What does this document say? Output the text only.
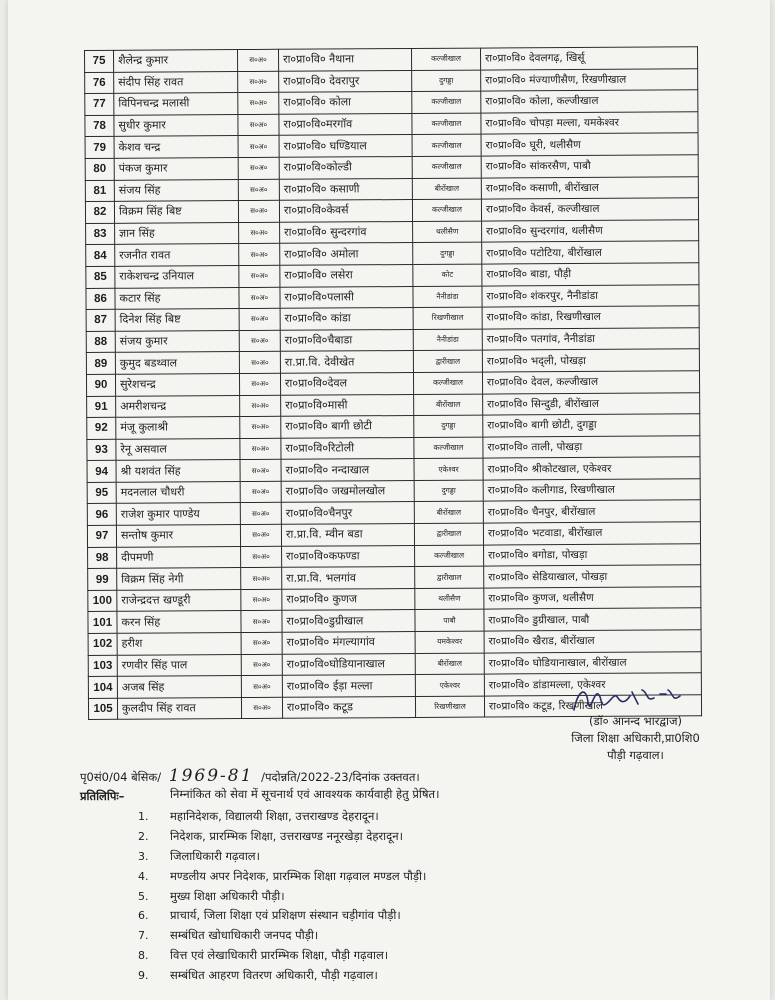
75	शैलेन्द्र कुमार	स०अ०	रा०प्रा०वि० नैथाना	कल्जीखाल	रा०प्रा०वि० देवलगढ़, खिर्सू
76	संदीप सिंह रावत	स०अ०	रा०प्रा०वि० देवरापुर	दुगड्डा	रा०प्रा०वि० मंज्याणीसैण, रिखणीखाल
77	विपिनचन्द्र मलासी	स०अ०	रा०प्रा०वि० कोला	कल्जीखाल	रा०प्रा०वि० कोला, कल्जीखाल
78	सुधीर कुमार	स०अ०	रा०प्रा०वि०मरगॉव	कल्जीखाल	रा०प्रा०वि० चोपड़ा मल्ला, यमकेश्वर
79	केशव चन्द्र	स०अ०	रा०प्रा०वि० घण्डियाल	कल्जीखाल	रा०प्रा०वि० घूरी, थलीसैण
80	पंकज कुमार	स०अ०	रा०प्रा०वि०कोल्डी	कल्जीखाल	रा०प्रा०वि० सांकरसैण, पाबौ
81	संजय सिंह	स०अ०	रा०प्रा०वि० कसाणी	बीरोंखाल	रा०प्रा०वि० कसाणी, बीरोंखाल
82	विक्रम सिंह बिष्ट	स०अ०	रा०प्रा०वि०केवर्स	कल्जीखाल	रा०प्रा०वि० केवर्स, कल्जीखाल
83	ज्ञान सिंह	स०अ०	रा०प्रा०वि० सुन्दरगांव	थलीसैण	रा०प्रा०वि० सुन्दरगांव, थलीसैण
84	रजनीत रावत	स०अ०	रा०प्रा०वि० अमोला	दुगड्डा	रा०प्रा०वि० पटोटिया, बीरोंखाल
85	राकेशचन्द्र उनियाल	स०अ०	रा०प्रा०वि० लसेरा	कोट	रा०प्रा०वि० बाडा, पौड़ी
86	कटार सिंह	स०अ०	रा०प्रा०वि०पलासी	नैनीडांडा	रा०प्रा०वि० शंकरपुर, नैनीडांडा
87	दिनेश सिंह बिष्ट	स०अ०	रा०प्रा०वि० कांडा	रिखणीखाल	रा०प्रा०वि० कांडा, रिखणीखाल
88	संजय कुमार	स०अ०	रा०प्रा०वि०चैबाडा	नैनीडांडा	रा०प्रा०वि० पतगांव, नैनीडांडा
89	कुमुद बडथ्वाल	स०अ०	रा.प्रा.वि. देवीखेत	द्वारीखाल	रा०प्रा०वि० भद्‌ली, पोखड़ा
90	सुरेशचन्द्र	स०अ०	रा०प्रा०वि०देवल	कल्जीखाल	रा०प्रा०वि० देवल, कल्जीखाल
91	अमरीशचन्द्र	स०अ०	रा०प्रा०वि०मासी	बीरोंखाल	रा०प्रा०वि० सिन्दुडी, बीरोंखाल
92	मंजू कुलाश्री	स०अ०	रा०प्रा०वि० बागी छोटी	दुगड्डा	रा०प्रा०वि० बागी छोटी, दुगड्डा
93	रेनू असवाल	स०अ०	रा०प्रा०वि०रिटोली	कल्जीखाल	रा०प्रा०वि० ताली, पोखड़ा
94	श्री यशवंत सिंह	स०अ०	रा०प्रा०वि० नन्दाखाल	एकेश्वर	रा०प्रा०वि० श्रीकोटखाल, एकेश्वर
95	मदनलाल चौधरी	स०अ०	रा०प्रा०वि० जखमोलखोल	दुगड्डा	रा०प्रा०वि० कलीगाड, रिखणीखाल
96	राजेश कुमार पाण्डेय	स०अ०	रा०प्रा०वि०चैनपुर	बीरोंखाल	रा०प्रा०वि० चैनपुर, बीरोंखाल
97	सन्तोष कुमार	स०अ०	रा.प्रा.वि. म्वीन बडा	द्वारीखाल	रा०प्रा०वि० भटवाडा, बीरोंखाल
98	दीपमणी	स०अ०	रा०प्रा०वि०कफण्डा	कल्जीखाल	रा०प्रा०वि० बगोडा, पोखड़ा
99	विक्रम सिंह नेगी	स०अ०	रा.प्रा.वि. भलगांव	द्वारीखाल	रा०प्रा०वि० सेडियाखाल, पोखड़ा
100	राजेन्द्रदत्त खण्डूरी	स०अ०	रा०प्रा०वि० कुणज	थलीसैण	रा०प्रा०वि० कुणज, थलीसैण
101	करन सिंह	स०अ०	रा०प्रा०वि०डुग्रीखाल	पाबौ	रा०प्रा०वि० डुग्रीखाल, पाबौ
102	हरीश	स०अ०	रा०प्रा०वि० मंगल्यागांव	यमकेश्वर	रा०प्रा०वि० खैराड, बीरोंखाल
103	रणवीर सिंह पाल	स०अ०	रा०प्रा०वि०घोडियानाखाल	बीरोंखाल	रा०प्रा०वि० घोडियानाखाल, बीरोंखाल
104	अजब सिंह	स०अ०	रा०प्रा०वि० ईड़ा मल्ला	एकेश्वर	रा०प्रा०वि० डांडामल्ला, एकेश्वर
105	कुलदीप सिंह रावत	स०अ०	रा०प्रा०वि० कटूड	रिखणीखाल	रा०प्रा०वि० कटूड, रिखणीखाल
(डॉ० आनन्द भारद्वाज)
जिला शिक्षा अधिकारी,प्रा0शि0
पौड़ी गढ़वाल।
पृ0सं0/04 बेसिक/ 1969-81 /पदोन्नति/2022-23/दिनांक उक्तवत।
प्रतिलिपिः–	निम्नांकित को सेवा में सूचनार्थ एवं आवश्यक कार्यवाही हेतु प्रेषित।
1.	महानिदेशक, विद्यालयी शिक्षा, उत्तराखण्ड देहरादून।
2.	निदेशक, प्रारम्भिक शिक्षा, उत्तराखण्ड ननूरखेड़ा देहरादून।
3.	जिलाधिकारी गढ़वाल।
4.	मण्डलीय अपर निदेशक, प्रारम्भिक शिक्षा गढ़वाल मण्डल पौड़ी।
5.	मुख्य शिक्षा अधिकारी पौड़ी।
6.	प्राचार्य, जिला शिक्षा एवं प्रशिक्षण संस्थान चड़ीगांव पौड़ी।
7.	सम्बंधित खोधाधिकारी जनपद पौड़ी।
8.	वित्त एवं लेखाधिकारी प्रारम्भिक शिक्षा, पौड़ी गढ़वाल।
9.	सम्बंधित आहरण वितरण अधिकारी, पौड़ी गढ़वाल।
